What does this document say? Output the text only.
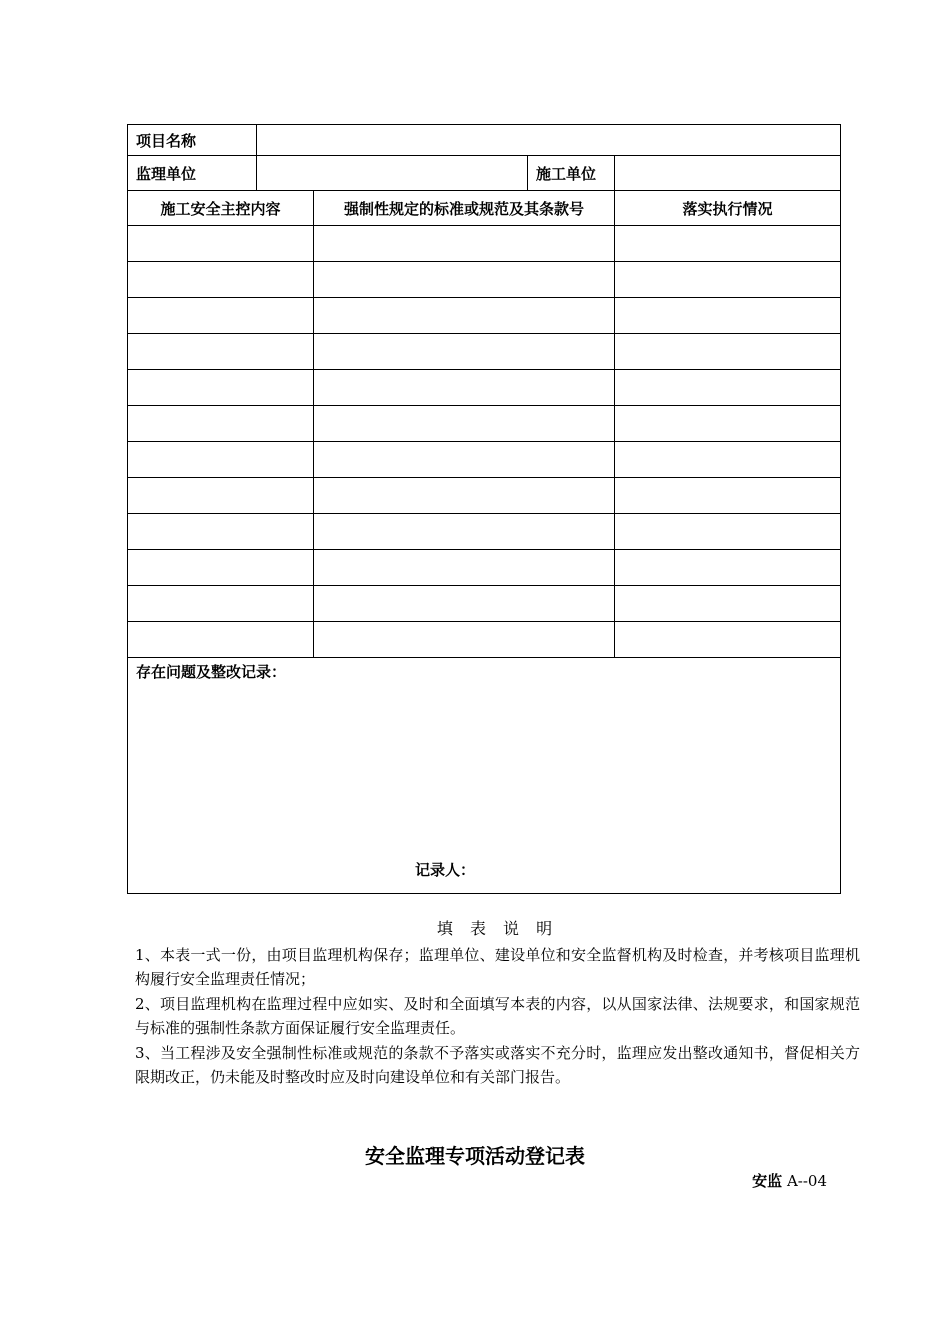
项目名称				
监理单位			施工单位	
施工安全主控内容		强制性规定的标准或规范及其条款号		落实执行情况

存在问题及整改记录：
记录人：				
填 表 说 明

1、本表一式一份，由项目监理机构保存；监理单位、建设单位和安全监督机构及时检查，并考核项目监理机构履行安全监理责任情况；

2、项目监理机构在监理过程中应如实、及时和全面填写本表的内容，以从国家法律、法规要求，和国家规范与标准的强制性条款方面保证履行安全监理责任。

3、当工程涉及安全强制性标准或规范的条款不予落实或落实不充分时，监理应发出整改通知书，督促相关方限期改正，仍未能及时整改时应及时向建设单位和有关部门报告。

安全监理专项活动登记表
安监 A--04
